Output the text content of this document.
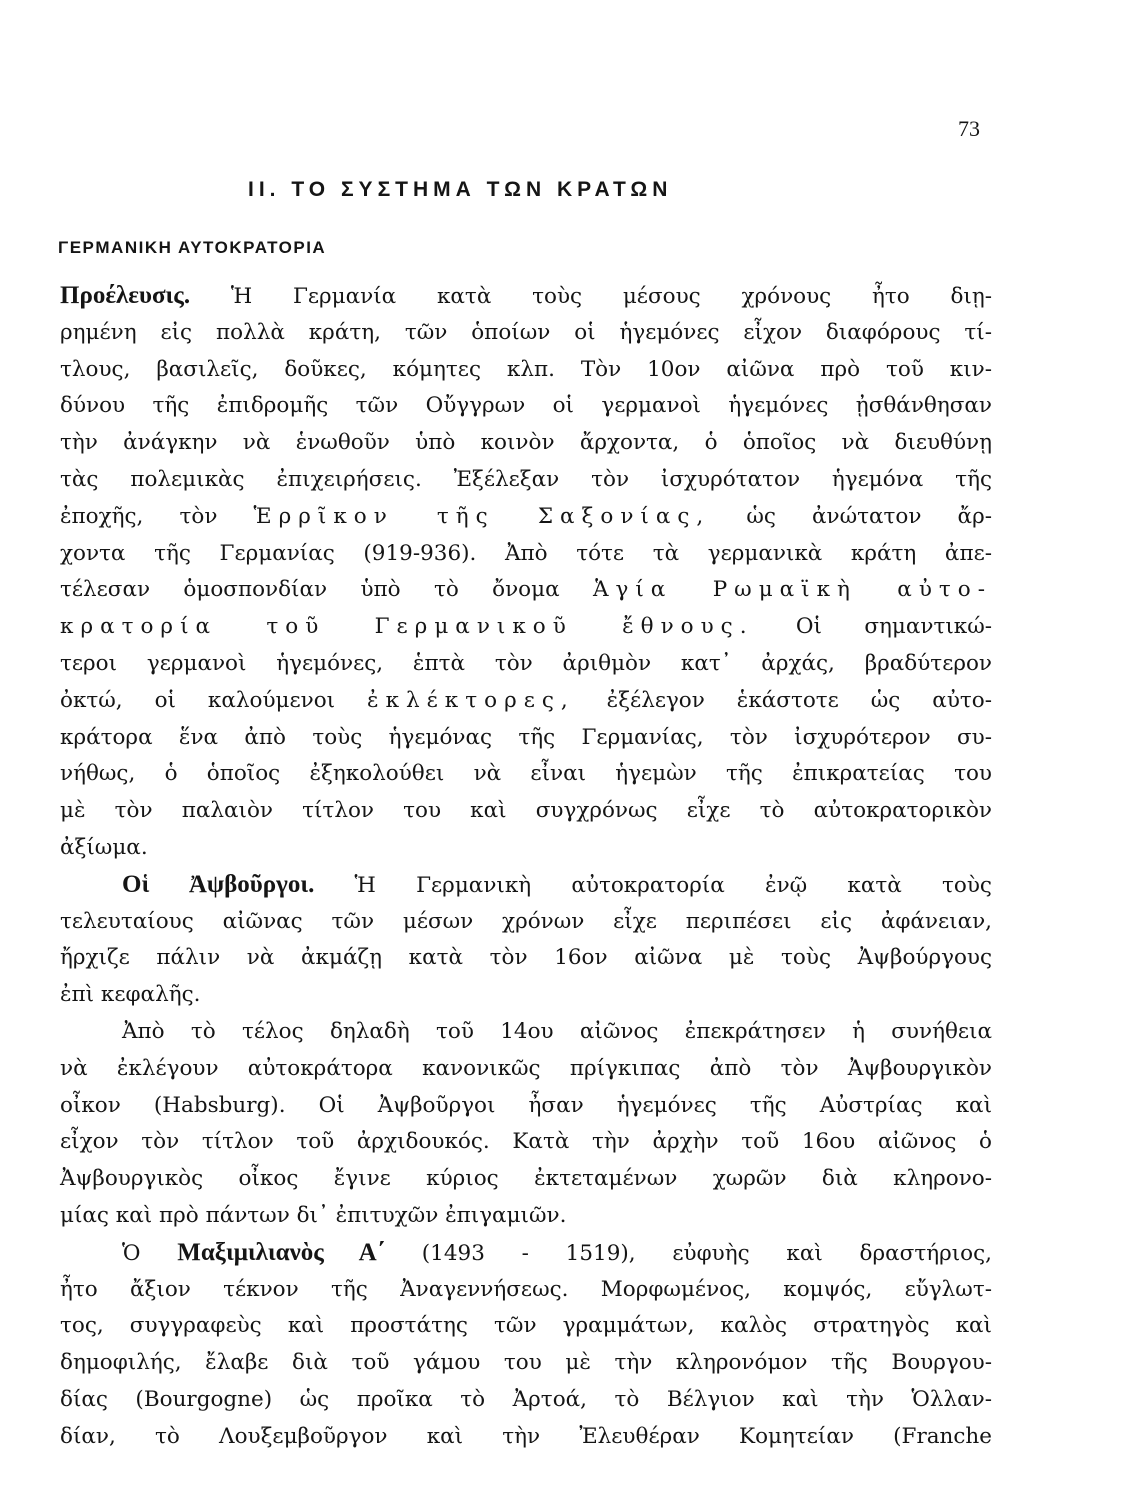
73
ΙΙ. ΤΟ ΣΥΣΤΗΜΑ ΤΩΝ ΚΡΑΤΩΝ
ΓΕΡΜΑΝΙΚΗ ΑΥΤΟΚΡΑΤΟΡΙΑ
Προέλευσις. Ἡ Γερμανία κατὰ τοὺς μέσους χρόνους ἦτο διῃ-
ρημένη εἰς πολλὰ κράτη, τῶν ὁποίων οἱ ἡγεμόνες εἶχον διαφόρους τί-
τλους, βασιλεῖς, δοῦκες, κόμητες κλπ. Τὸν 10ον αἰῶνα πρὸ τοῦ κιν-
δύνου τῆς ἐπιδρομῆς τῶν Οὔγγρων οἱ γερμανοὶ ἡγεμόνες ᾐσθάνθησαν
τὴν ἀνάγκην νὰ ἑνωθοῦν ὑπὸ κοινὸν ἄρχοντα, ὁ ὁποῖος νὰ διευθύνῃ
τὰς πολεμικὰς ἐπιχειρήσεις. Ἐξέλεξαν τὸν ἰσχυρότατον ἡγεμόνα τῆς
ἐποχῆς, τὸν Ἑρρῖκον τῆς Σαξονίας, ὡς ἀνώτατον ἄρ-
χοντα τῆς Γερμανίας (919-936). Ἀπὸ τότε τὰ γερμανικὰ κράτη ἀπε-
τέλεσαν ὁμοσπονδίαν ὑπὸ τὸ ὄνομα Ἁγία Ρωμαϊκὴ αὐτο-
κρατορία τοῦ Γερμανικοῦ ἔθνους. Οἱ σημαντικώ-
τεροι γερμανοὶ ἡγεμόνες, ἑπτὰ τὸν ἀριθμὸν κατ᾿ ἀρχάς, βραδύτερον
ὀκτώ, οἱ καλούμενοι ἐκλέκτορες, ἐξέλεγον ἑκάστοτε ὡς αὐτο-
κράτορα ἕνα ἀπὸ τοὺς ἡγεμόνας τῆς Γερμανίας, τὸν ἰσχυρότερον συ-
νήθως, ὁ ὁποῖος ἐξηκολούθει νὰ εἶναι ἡγεμὼν τῆς ἐπικρατείας του
μὲ τὸν παλαιὸν τίτλον του καὶ συγχρόνως εἶχε τὸ αὐτοκρατορικὸν
ἀξίωμα.
Οἱ Ἀψβοῦργοι. Ἡ Γερμανικὴ αὐτοκρατορία ἐνῷ κατὰ τοὺς
τελευταίους αἰῶνας τῶν μέσων χρόνων εἶχε περιπέσει εἰς ἀφάνειαν,
ἤρχιζε πάλιν νὰ ἀκμάζῃ κατὰ τὸν 16ον αἰῶνα μὲ τοὺς Ἀψβούργους
ἐπὶ κεφαλῆς.
Ἀπὸ τὸ τέλος δηλαδὴ τοῦ 14ου αἰῶνος ἐπεκράτησεν ἡ συνήθεια
νὰ ἐκλέγουν αὐτοκράτορα κανονικῶς πρίγκιπας ἀπὸ τὸν Ἀψβουργικὸν
οἶκον (Habsburg). Οἱ Ἀψβοῦργοι ἦσαν ἡγεμόνες τῆς Αὐστρίας καὶ
εἶχον τὸν τίτλον τοῦ ἀρχιδουκός. Κατὰ τὴν ἀρχὴν τοῦ 16ου αἰῶνος ὁ
Ἀψβουργικὸς οἶκος ἔγινε κύριος ἐκτεταμένων χωρῶν διὰ κληρονο-
μίας καὶ πρὸ πάντων δι᾿ ἐπιτυχῶν ἐπιγαμιῶν.
Ὁ Μαξιμιλιανὸς Α΄ (1493 - 1519), εὐφυὴς καὶ δραστήριος,
ἦτο ἄξιον τέκνον τῆς Ἀναγεννήσεως. Μορφωμένος, κομψός, εὔγλωτ-
τος, συγγραφεὺς καὶ προστάτης τῶν γραμμάτων, καλὸς στρατηγὸς καὶ
δημοφιλής, ἔλαβε διὰ τοῦ γάμου του μὲ τὴν κληρονόμον τῆς Βουργου-
δίας (Bourgogne) ὡς προῖκα τὸ Ἀρτοά, τὸ Βέλγιον καὶ τὴν Ὁλλαν-
δίαν, τὸ Λουξεμβοῦργον καὶ τὴν Ἐλευθέραν Κομητείαν (Franche
